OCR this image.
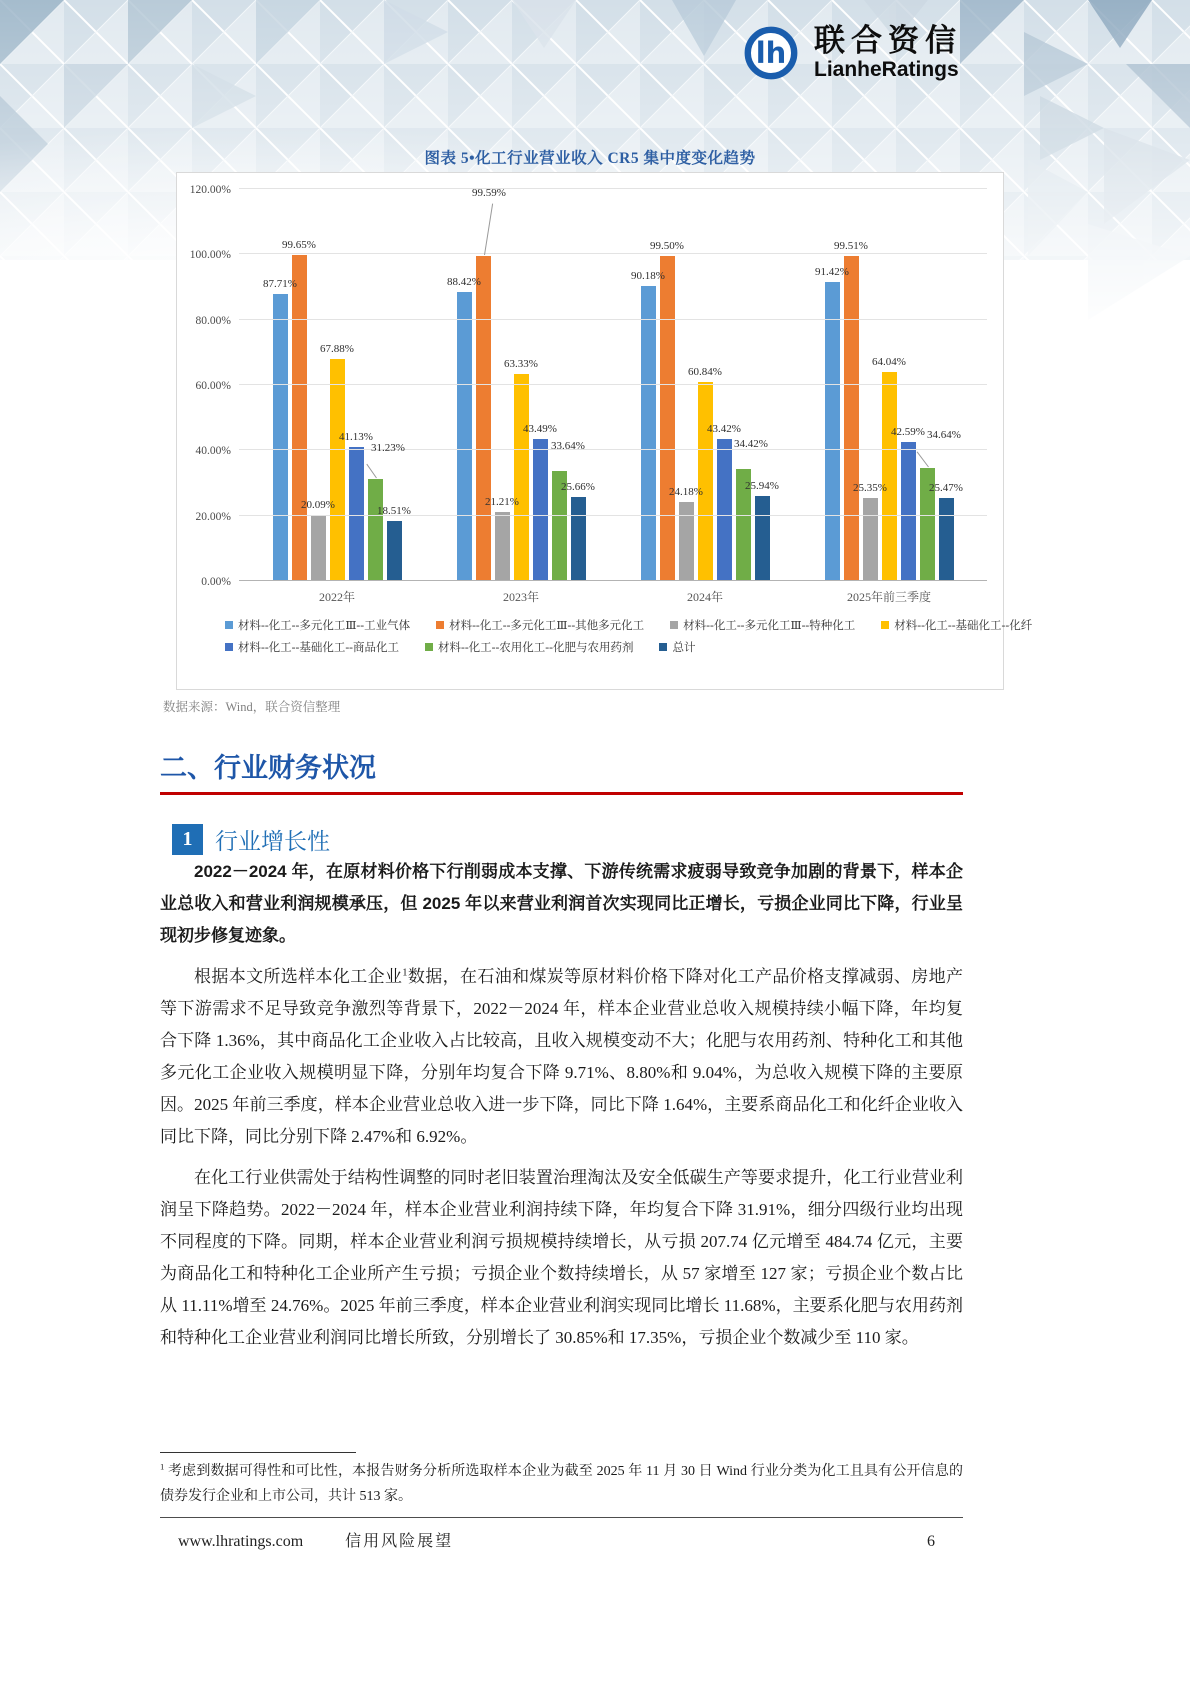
lh 联合资信
LianheRatings
图表 5•化工行业营业收入 CR5 集中度变化趋势
0.00%
20.00%
40.00%
60.00%
80.00%
100.00%
120.00%
87.71%
99.65%
20.09%
67.88%
41.13%
31.23%
18.51%
2022年
88.42%
99.59%
21.21%
63.33%
43.49%
33.64%
25.66%
2023年
90.18%
99.50%
24.18%
60.84%
43.42%
34.42%
25.94%
2024年
91.42%
99.51%
25.35%
64.04%
42.59% 34.64%
25.47%
2025年前三季度
材料--化工--多元化工Ⅲ--工业气体	材料--化工--多元化工Ⅲ--其他多元化工	材料--化工--多元化工Ⅲ--特种化工	材料--化工--基础化工--化纤
材料--化工--基础化工--商品化工	材料--化工--农用化工--化肥与农用药剂	总计
数据来源：Wind，联合资信整理
二、行业财务状况
1 行业增长性

2022－2024 年，在原材料价格下行削弱成本支撑、下游传统需求疲弱导致竞争加剧的背景下，样本企业总收入和营业利润规模承压，但 2025 年以来营业利润首次实现同比正增长，亏损企业同比下降，行业呈现初步修复迹象。

根据本文所选样本化工企业$^1$数据，在石油和煤炭等原材料价格下降对化工产品价格支撑减弱、房地产等下游需求不足导致竞争激烈等背景下，2022－2024 年，样本企业营业总收入规模持续小幅下降，年均复合下降 1.36%，其中商品化工企业收入占比较高，且收入规模变动不大；化肥与农用药剂、特种化工和其他多元化工企业收入规模明显下降，分别年均复合下降 9.71%、8.80%和 9.04%，为总收入规模下降的主要原因。2025 年前三季度，样本企业营业总收入进一步下降，同比下降 1.64%，主要系商品化工和化纤企业收入同比下降，同比分别下降 2.47%和 6.92%。

在化工行业供需处于结构性调整的同时老旧装置治理淘汰及安全低碳生产等要求提升，化工行业营业利润呈下降趋势。2022－2024 年，样本企业营业利润持续下降，年均复合下降 31.91%，细分四级行业均出现不同程度的下降。同期，样本企业营业利润亏损规模持续增长，从亏损 207.74 亿元增至 484.74 亿元，主要为商品化工和特种化工企业所产生亏损；亏损企业个数持续增长，从 57 家增至 127 家；亏损企业个数占比从 11.11%增至 24.76%。2025 年前三季度，样本企业营业利润实现同比增长 11.68%，主要系化肥与农用药剂和特种化工企业营业利润同比增长所致，分别增长了 30.85%和 17.35%，亏损企业个数减少至 110 家。

$^1$ 考虑到数据可得性和可比性，本报告财务分析所选取样本企业为截至 2025 年 11 月 30 日 Wind 行业分类为化工且具有公开信息的债券发行企业和上市公司，共计 513 家。
www.lhratings.com	信用风险展望	6
